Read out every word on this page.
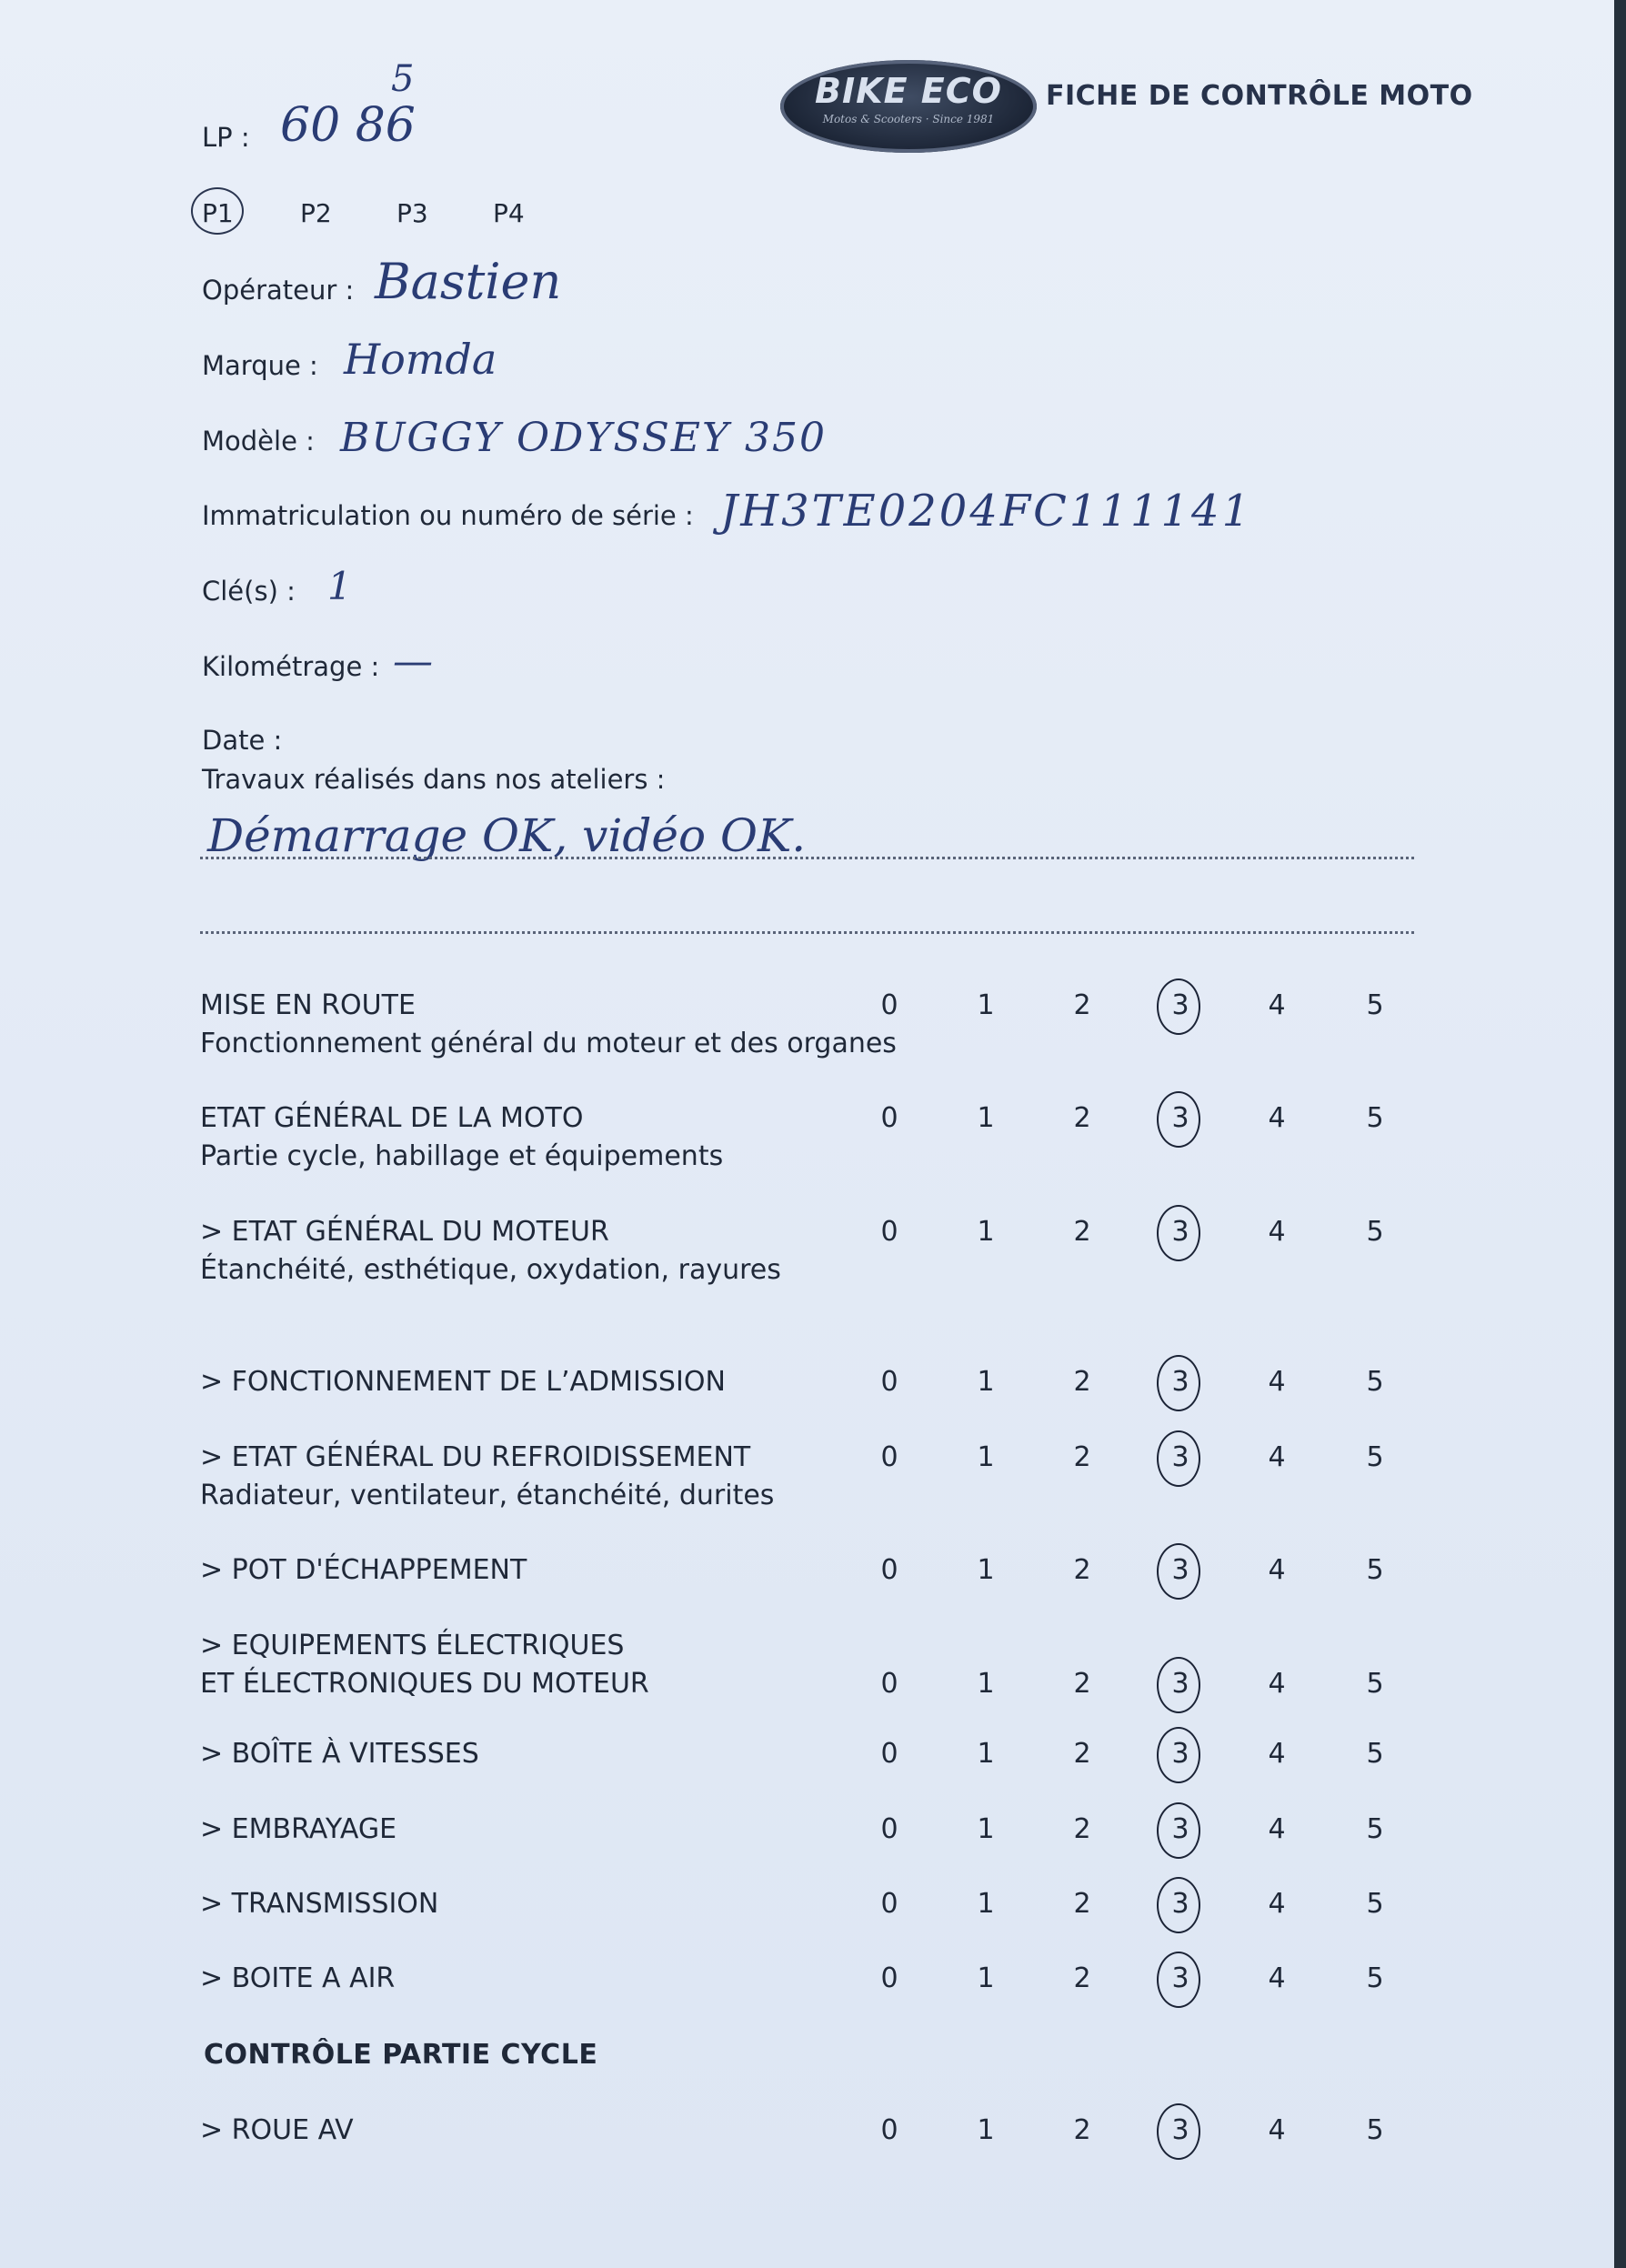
LP : 60 86
5	BIKE ECO
Motos & Scooters · Since 1981
FICHE DE CONTRÔLE MOTO
P1	P2	P3	P4
Opérateur : Bastien
Marque : Homda
Modèle : BUGGY ODYSSEY 350
Immatriculation ou numéro de série : JH3TE0204FC111141
Clé(s) : 1
Kilométrage : —
Date :
Travaux réalisés dans nos ateliers :
Démarrage OK, vidéo OK.
CONTRÔLE PARTIE CYCLE
MISE EN ROUTE
Fonctionnement général du moteur et des organes
0	1	2	3	4	5
ETAT GÉNÉRAL DE LA MOTO
Partie cycle, habillage et équipements
0	1	2	3	4	5
> ETAT GÉNÉRAL DU MOTEUR
Étanchéité, esthétique, oxydation, rayures
0	1	2	3	4	5
> FONCTIONNEMENT DE L’ADMISSION	0	1	2	3	4	5
> ETAT GÉNÉRAL DU REFROIDISSEMENT
Radiateur, ventilateur, étanchéité, durites
0	1	2	3	4	5
> POT D'ÉCHAPPEMENT	0	1	2	3	4	5
> EQUIPEMENTS ÉLECTRIQUES
ET ÉLECTRONIQUES DU MOTEUR	0	1	2	3	4	5
> BOÎTE À VITESSES	0	1	2	3	4	5
> EMBRAYAGE	0	1	2	3	4	5
> TRANSMISSION	0	1	2	3	4	5
> BOITE A AIR	0	1	2	3	4	5
> ROUE AV	0	1	2	3	4	5
